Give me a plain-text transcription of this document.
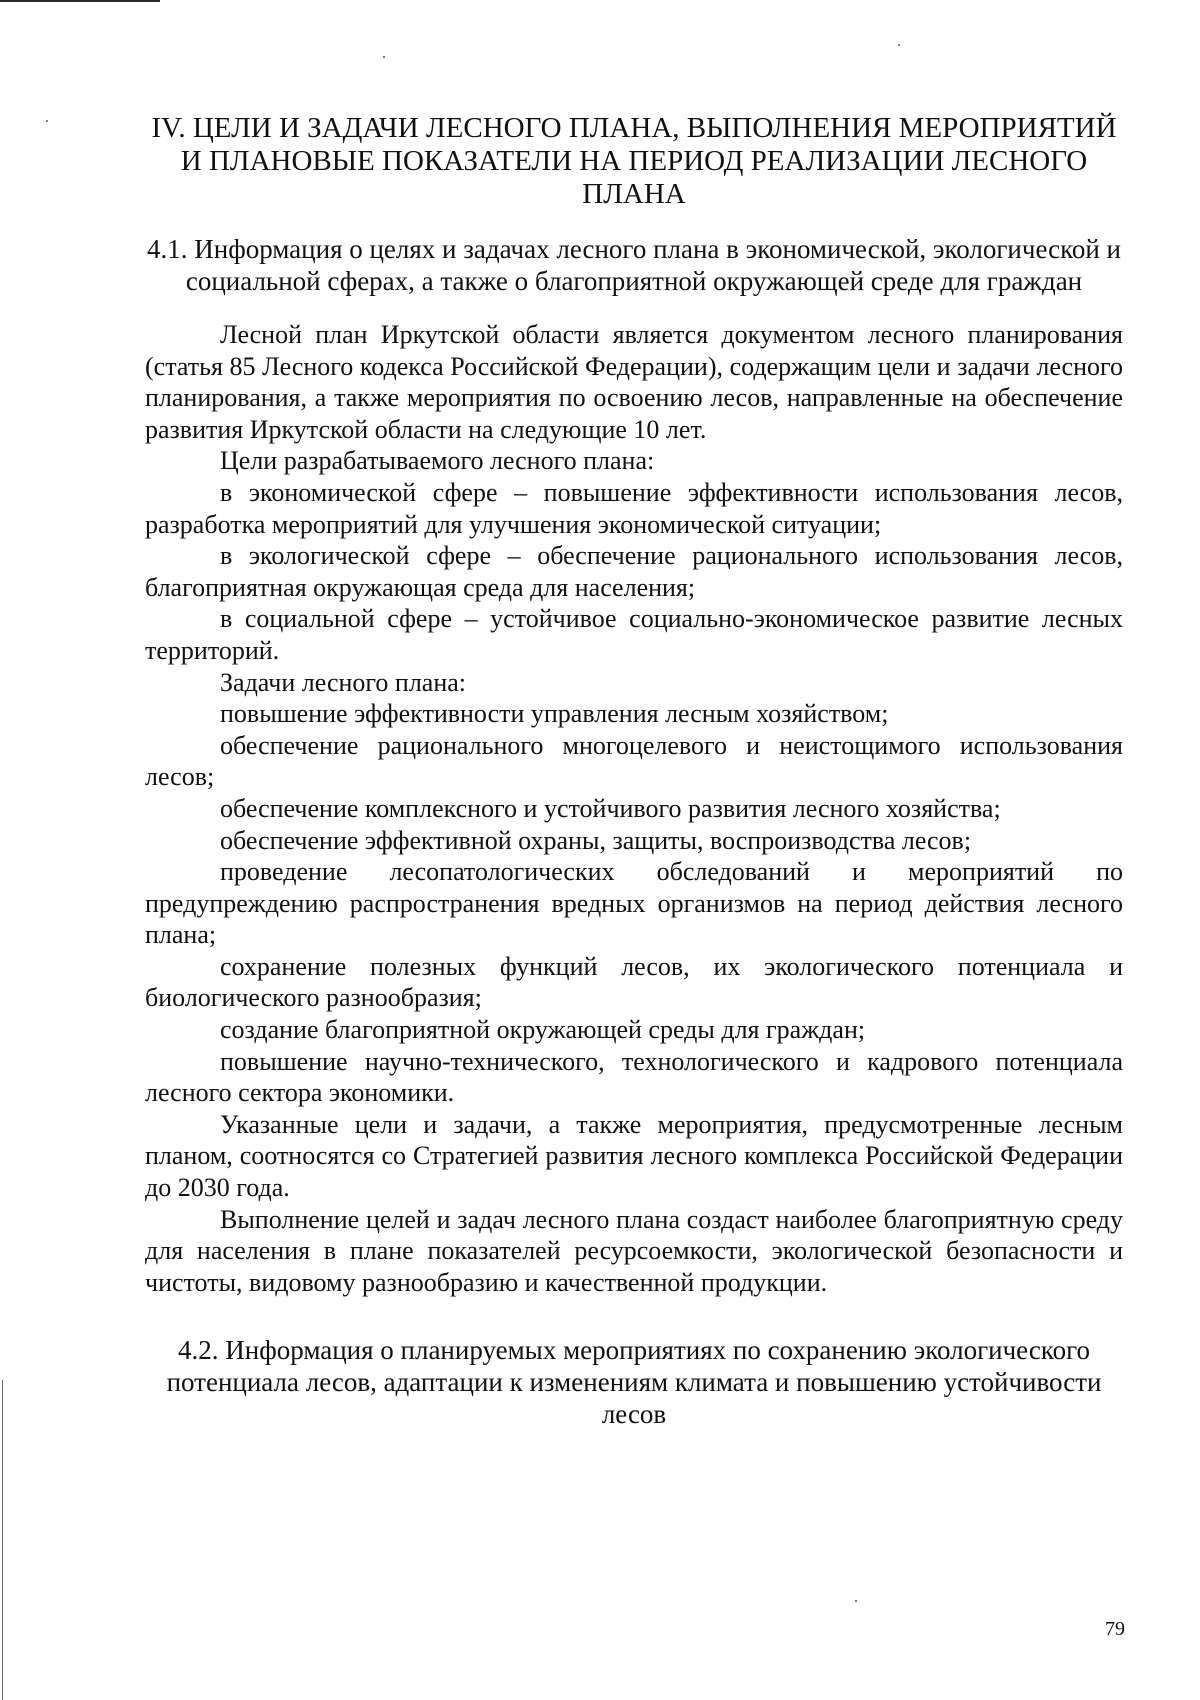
IV. ЦЕЛИ И ЗАДАЧИ ЛЕСНОГО ПЛАНА, ВЫПОЛНЕНИЯ МЕРОПРИЯТИЙ И ПЛАНОВЫЕ ПОКАЗАТЕЛИ НА ПЕРИОД РЕАЛИЗАЦИИ ЛЕСНОГО ПЛАНА
4.1. Информация о целях и задачах лесного плана в экономической, экологической и социальной сферах, а также о благоприятной окружающей среде для граждан

Лесной план Иркутской области является документом лесного планирования (статья 85 Лесного кодекса Российской Федерации), содержащим цели и задачи лесного планирования, а также мероприятия по освоению лесов, направленные на обеспечение развития Иркутской области на следующие 10 лет.

Цели разрабатываемого лесного плана:

в экономической сфере – повышение эффективности использования лесов, разработка мероприятий для улучшения экономической ситуации;

в экологической сфере – обеспечение рационального использования лесов, благоприятная окружающая среда для населения;

в социальной сфере – устойчивое социально-экономическое развитие лесных территорий.

Задачи лесного плана:

повышение эффективности управления лесным хозяйством;

обеспечение рационального многоцелевого и неистощимого использования лесов;

обеспечение комплексного и устойчивого развития лесного хозяйства;

обеспечение эффективной охраны, защиты, воспроизводства лесов;

проведение лесопатологических обследований и мероприятий по предупреждению распространения вредных организмов на период действия лесного плана;

сохранение полезных функций лесов, их экологического потенциала и биологического разнообразия;

создание благоприятной окружающей среды для граждан;

повышение научно-технического, технологического и кадрового потенциала лесного сектора экономики.

Указанные цели и задачи, а также мероприятия, предусмотренные лесным планом, соотносятся со Стратегией развития лесного комплекса Российской Федерации до 2030 года.

Выполнение целей и задач лесного плана создаст наиболее благоприятную среду для населения в плане показателей ресурсоемкости, экологической безопасности и чистоты, видовому разнообразию и качественной продукции.

4.2. Информация о планируемых мероприятиях по сохранению экологического потенциала лесов, адаптации к изменениям климата и повышению устойчивости лесов
79
